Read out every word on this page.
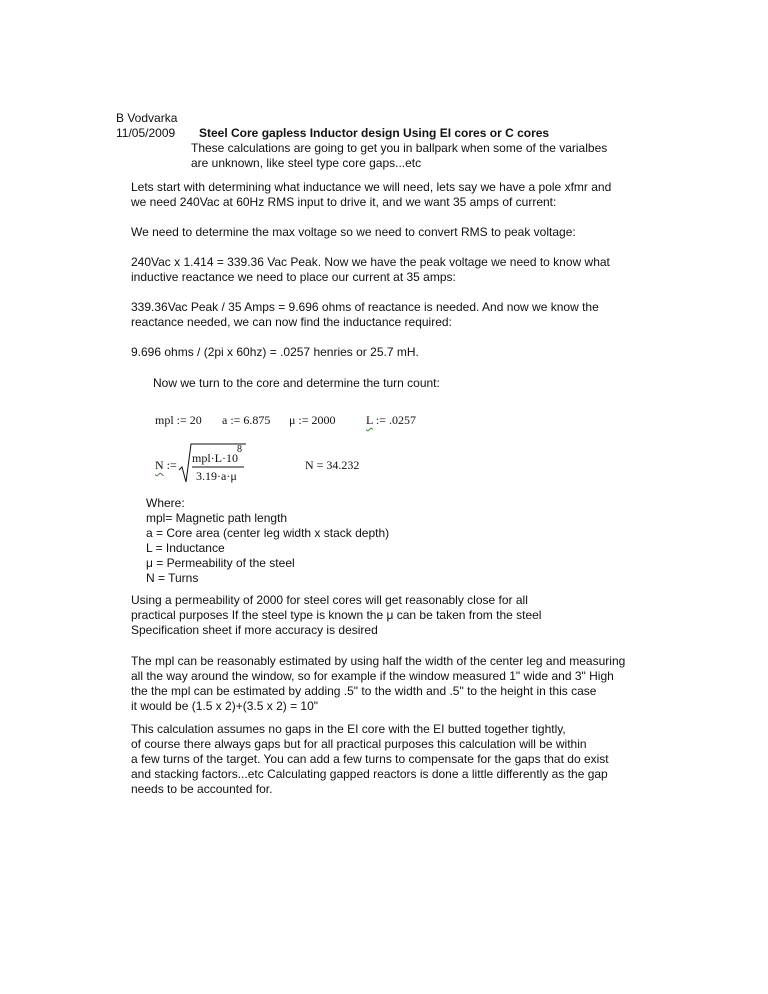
B Vodvarka
11/05/2009 Steel Core gapless Inductor design Using EI cores or C cores
These calculations are going to get you in ballpark when some of the varialbes
are unknown, like steel type core gaps...etc
Lets start with determining what inductance we will need, lets say we have a pole xfmr and
we need 240Vac at 60Hz RMS input to drive it, and we want 35 amps of current:
We need to determine the max voltage so we need to convert RMS to peak voltage:
240Vac x 1.414 = 339.36 Vac Peak. Now we have the peak voltage we need to know what
inductive reactance we need to place our current at 35 amps:
339.36Vac Peak / 35 Amps = 9.696 ohms of reactance is needed. And now we know the
reactance needed, we can now find the inductance required:
9.696 ohms / (2pi x 60hz) = .0257 henries or 25.7 mH.
Now we turn to the core and determine the turn count:
mpl := 20 a := 6.875 μ := 2000	L := .0257
N := mpl·L·10
8
3.19·a·μ
N = 34.232
Where:
mpl= Magnetic path length
a = Core area (center leg width x stack depth)
L = Inductance
μ = Permeability of the steel
N = Turns
Using a permeability of 2000 for steel cores will get reasonably close for all
practical purposes If the steel type is known the μ can be taken from the steel
Specification sheet if more accuracy is desired
The mpl can be reasonably estimated by using half the width of the center leg and measuring
all the way around the window, so for example if the window measured 1" wide and 3" High
the the mpl can be estimated by adding .5" to the width and .5" to the height in this case
it would be (1.5 x 2)+(3.5 x 2) = 10"
This calculation assumes no gaps in the EI core with the EI butted together tightly,
of course there always gaps but for all practical purposes this calculation will be within
a few turns of the target. You can add a few turns to compensate for the gaps that do exist
and stacking factors...etc Calculating gapped reactors is done a little differently as the gap
needs to be accounted for.
